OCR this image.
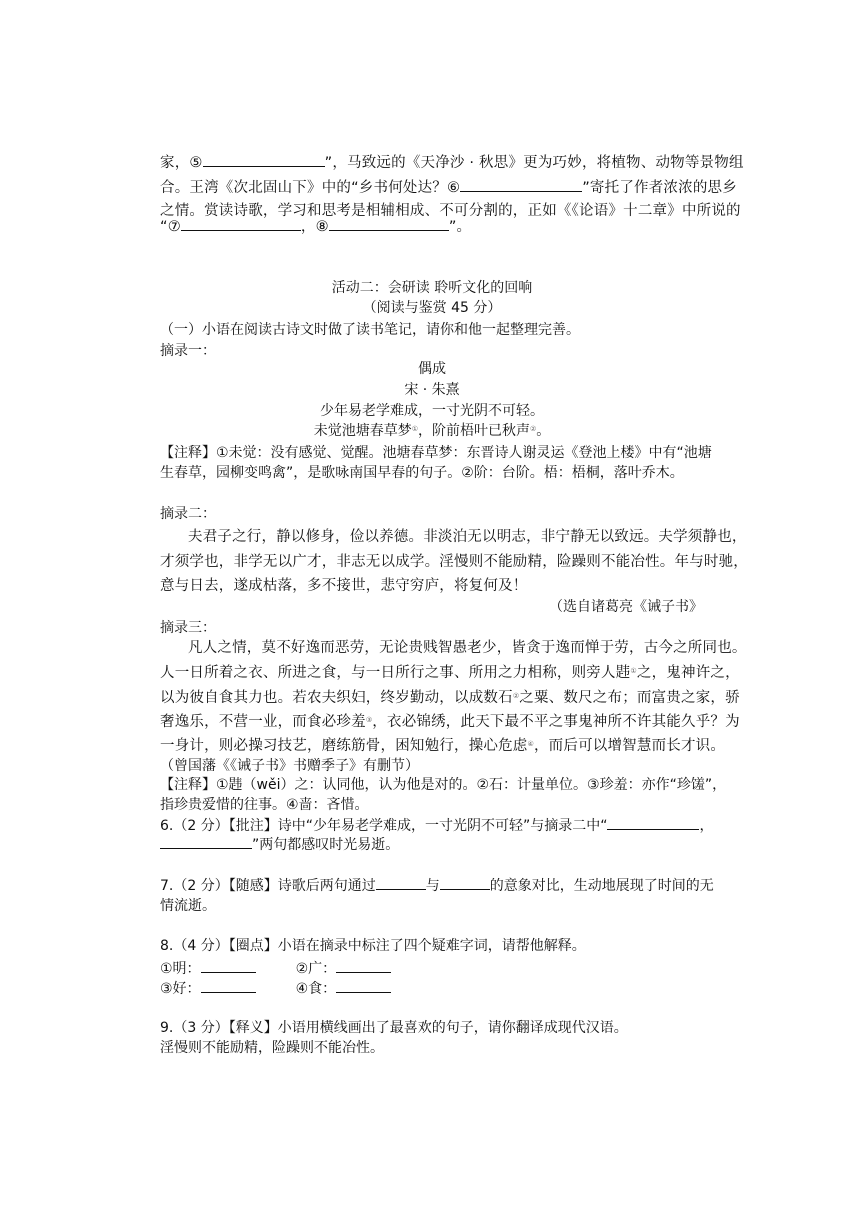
家，⑤	”，马致远的《天净沙 · 秋思》更为巧妙，将植物、动物等景物组
合。王湾《次北固山下》中的“乡书何处达？⑥	”寄托了作者浓浓的思乡
之情。赏读诗歌，学习和思考是相辅相成、不可分割的，正如《《论语》十二章》中所说的
“⑦	，⑧	”。
活动二：会研读 聆听文化的回响
（阅读与鉴赏 45 分）
（一）小语在阅读古诗文时做了读书笔记，请你和他一起整理完善。
摘录一：
偶成
宋 · 朱熹
少年易老学难成，一寸光阴不可轻。
未觉池塘春草梦①，阶前梧叶已秋声②。
【注释】①未觉：没有感觉、觉醒。池塘春草梦：东晋诗人谢灵运《登池上楼》中有“池塘
生春草，园柳变鸣禽”，是歌咏南国早春的句子。②阶：台阶。梧：梧桐，落叶乔木。
摘录二：
夫君子之行，静以修身，俭以养德。非淡泊无以明志，非宁静无以致远。夫学须静也，
才须学也，非学无以广才，非志无以成学。淫慢则不能励精，险躁则不能冶性。年与时驰，
意与日去，遂成枯落，多不接世，悲守穷庐，将复何及！
（选自诸葛亮《诫子书》
摘录三：
凡人之情，莫不好逸而恶劳，无论贵贱智愚老少，皆贪于逸而惮于劳，古今之所同也。
人一日所着之衣、所进之食，与一日所行之事、所用之力相称，则旁人韪①之，鬼神许之，
以为彼自食其力也。若农夫织妇，终岁勤动，以成数石②之粟、数尺之布；而富贵之家，骄
奢逸乐，不营一业，而食必珍羞③，衣必锦绣，此天下最不平之事鬼神所不许其能久乎？为
一身计，则必操习技艺，磨练筋骨，困知勉行，操心危虑④，而后可以增智慧而长才识。
（曾国藩《《诫子书》书赠季子》有删节）
【注释】①韪（wěi）之：认同他，认为他是对的。②石：计量单位。③珍羞：亦作“珍馐”，
指珍贵爱惜的往事。④啬：吝惜。
6.（2 分）【批注】诗中“少年易老学难成，一寸光阴不可轻”与摘录二中“	，
”两句都感叹时光易逝。
7.（2 分）【随感】诗歌后两句通过	与	的意象对比，生动地展现了时间的无
情流逝。
8.（4 分）【圈点】小语在摘录中标注了四个疑难字词，请帮他解释。
①明：	②广：
③好：	④食：
9.（3 分）【释义】小语用横线画出了最喜欢的句子，请你翻译成现代汉语。
淫慢则不能励精，险躁则不能冶性。
